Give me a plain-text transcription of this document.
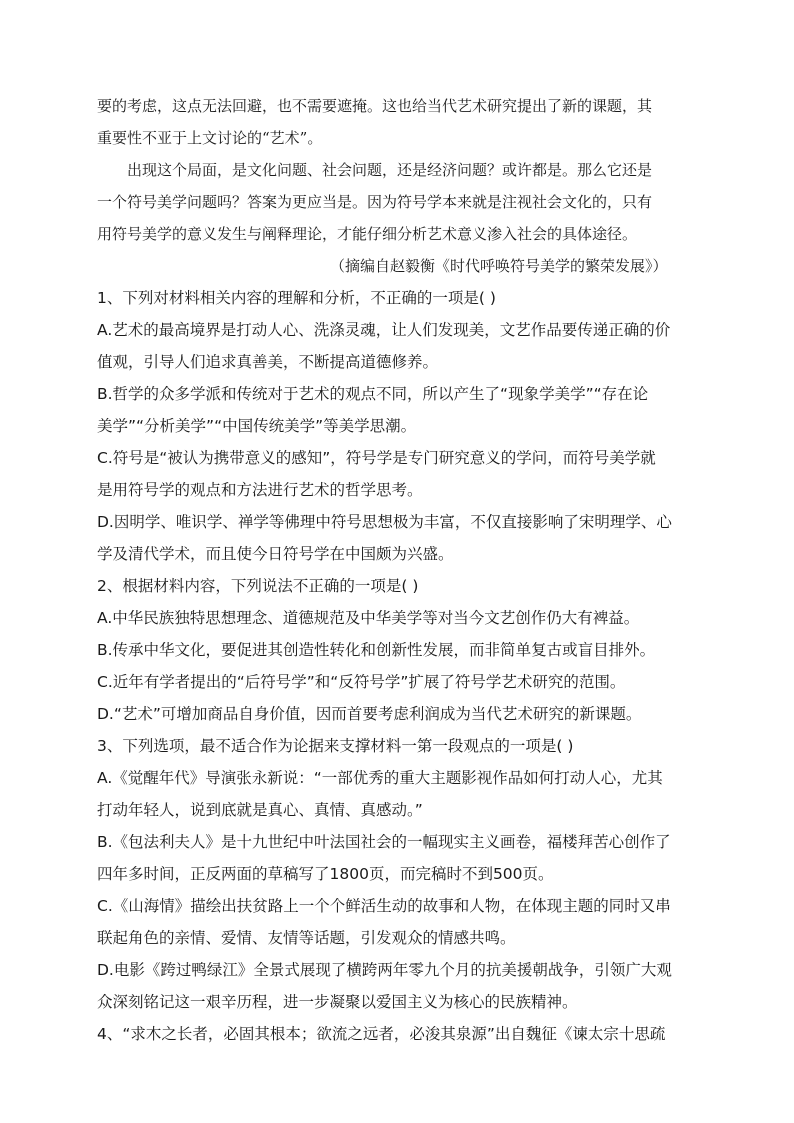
要的考虑，这点无法回避，也不需要遮掩。这也给当代艺术研究提出了新的课题，其
重要性不亚于上文讨论的“艺术”。
出现这个局面，是文化问题、社会问题，还是经济问题？或许都是。那么它还是
一个符号美学问题吗？答案为更应当是。因为符号学本来就是注视社会文化的，只有
用符号美学的意义发生与阐释理论，才能仔细分析艺术意义渗入社会的具体途径。
（摘编自赵毅衡《时代呼唤符号美学的繁荣发展》）
1、下列对材料相关内容的理解和分析，不正确的一项是( )
A.艺术的最高境界是打动人心、洗涤灵魂，让人们发现美，文艺作品要传递正确的价
值观，引导人们追求真善美，不断提高道德修养。
B.哲学的众多学派和传统对于艺术的观点不同，所以产生了“现象学美学”“存在论
美学”“分析美学”“中国传统美学”等美学思潮。
C.符号是“被认为携带意义的感知”，符号学是专门研究意义的学问，而符号美学就
是用符号学的观点和方法进行艺术的哲学思考。
D.因明学、唯识学、禅学等佛理中符号思想极为丰富，不仅直接影响了宋明理学、心
学及清代学术，而且使今日符号学在中国颇为兴盛。
2、根据材料内容，下列说法不正确的一项是( )
A.中华民族独特思想理念、道德规范及中华美学等对当今文艺创作仍大有裨益。
B.传承中华文化，要促进其创造性转化和创新性发展，而非简单复古或盲目排外。
C.近年有学者提出的“后符号学”和“反符号学”扩展了符号学艺术研究的范围。
D.“艺术”可增加商品自身价值，因而首要考虑利润成为当代艺术研究的新课题。
3、下列选项，最不适合作为论据来支撑材料一第一段观点的一项是( )
A.《觉醒年代》导演张永新说：“一部优秀的重大主题影视作品如何打动人心，尤其
打动年轻人，说到底就是真心、真情、真感动。”
B.《包法利夫人》是十九世纪中叶法国社会的一幅现实主义画卷，福楼拜苦心创作了
四年多时间，正反两面的草稿写了1800页，而完稿时不到500页。
C.《山海情》描绘出扶贫路上一个个鲜活生动的故事和人物，在体现主题的同时又串
联起角色的亲情、爱情、友情等话题，引发观众的情感共鸣。
D.电影《跨过鸭绿江》全景式展现了横跨两年零九个月的抗美援朝战争，引领广大观
众深刻铭记这一艰辛历程，进一步凝聚以爱国主义为核心的民族精神。
4、“求木之长者，必固其根本；欲流之远者，必浚其泉源”出自魏征《谏太宗十思疏
